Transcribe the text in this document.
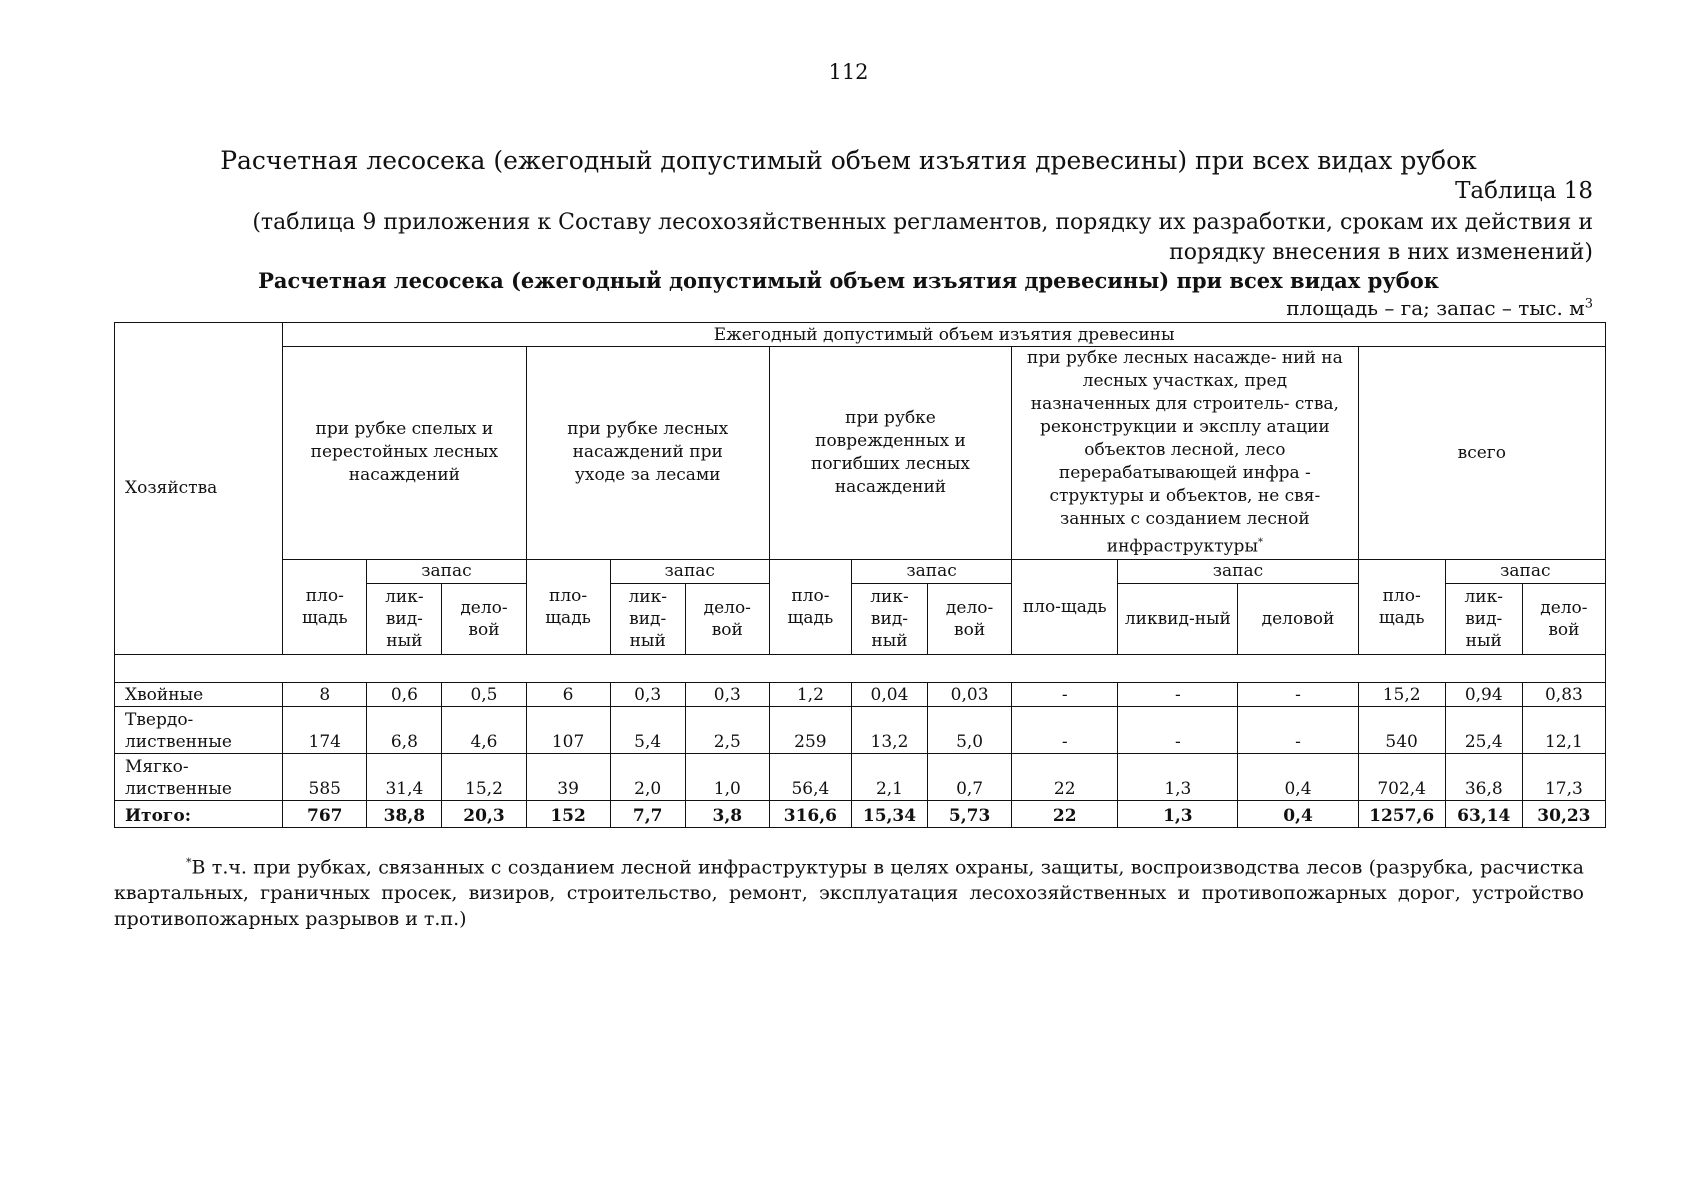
112
Расчетная лесосека (ежегодный допустимый объем изъятия древесины) при всех видах рубок
Таблица 18
(таблица 9 приложения к Составу лесохозяйственных регламентов, порядку их разработки, срокам их действия и порядку внесения в них изменений)
Расчетная лесосека (ежегодный допустимый объем изъятия древесины) при всех видах рубок
площадь – га; запас – тыс. $м^3$
Хозяйства	Ежегодный допустимый объем изъятия древесины														

	при рубке спелых и перестойных лесных насаждений			при рубке лесных насаждений при уходе за лесами			при рубке поврежденных и погибших лесных насаждений			при рубке лесных насажде- ний на лесных участках, пред назначенных для строитель- ства, реконструкции и эксплу атации объектов лесной, лесо перерабатывающей инфра - структуры и объектов, не свя-занных с созданием лесной инфраструктуры*			всего		
	пло-щадь	запас		пло-щадь	запас		пло-щадь	запас		пло-щадь	запас		пло-щадь	запас	
		лик-вид-ный	дело-вой		лик-вид-ный	дело-вой		лик-вид-ный	дело-вой		ликвид-ный	деловой		лик-вид-ный	дело-вой

Хвойные	8	0,6	0,5	6	0,3	0,3	1,2	0,04	0,03	-	-	-	15,2	0,94	0,83
Твердо-лиственные	174	6,8	4,6	107	5,4	2,5	259	13,2	5,0	-	-	-	540	25,4	12,1
Мягко-лиственные	585	31,4	15,2	39	2,0	1,0	56,4	2,1	0,7	22	1,3	0,4	702,4	36,8	17,3
Итого:	767	38,8	20,3	152	7,7	3,8	316,6	15,34	5,73	22	1,3	0,4	1257,6	63,14	30,23
*В т.ч. при рубках, связанных с созданием лесной инфраструктуры в целях охраны, защиты, воспроизводства лесов (разрубка, расчистка квартальных, граничных просек, визиров, строительство, ремонт, эксплуатация лесохозяйственных и противопожарных дорог, устройство противопожарных разрывов и т.п.)
